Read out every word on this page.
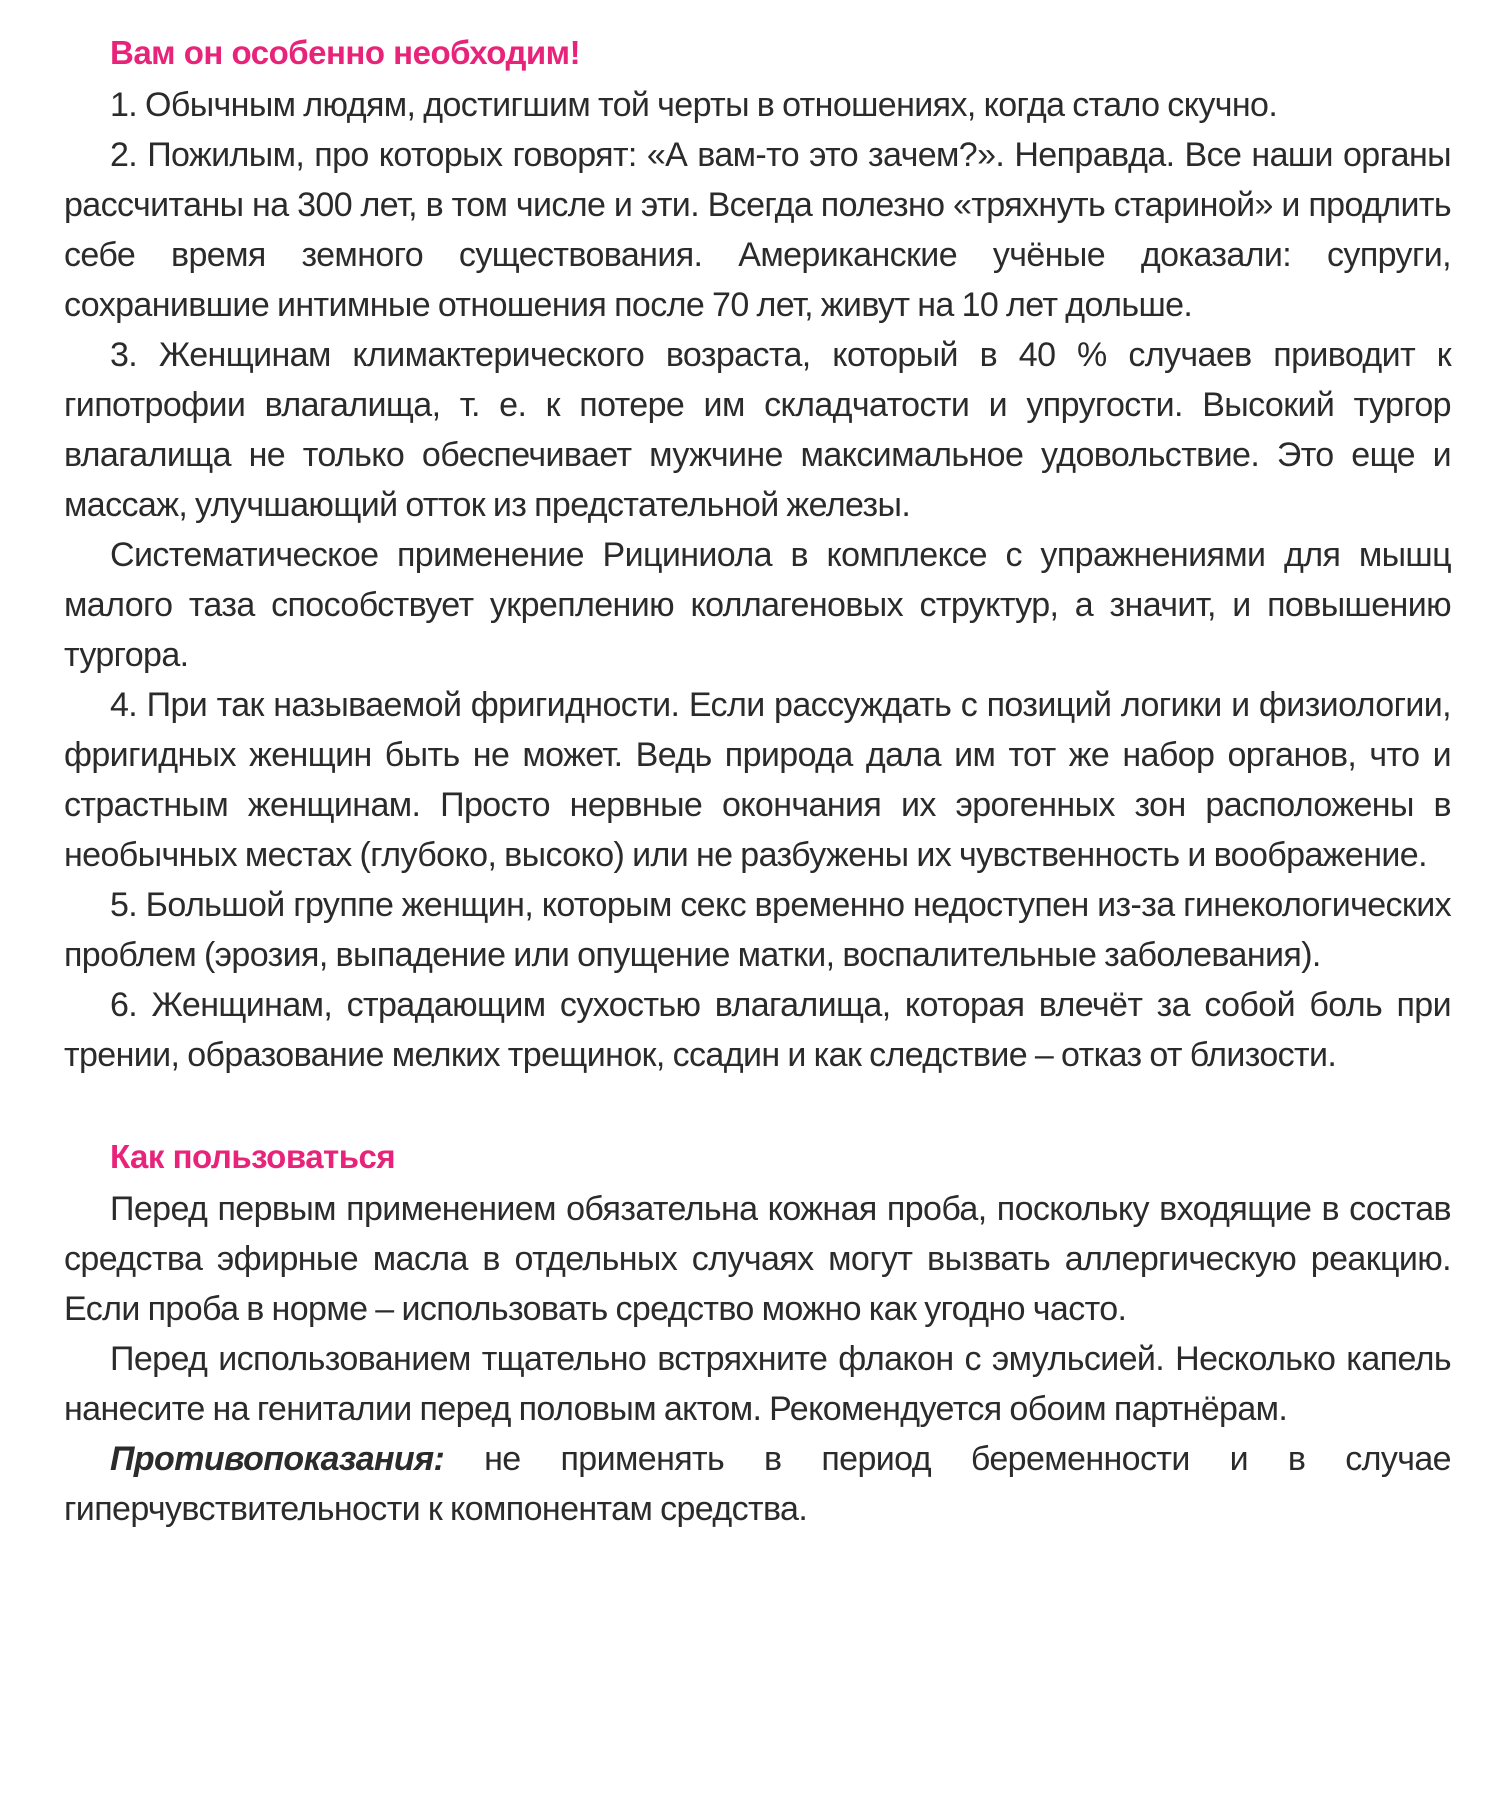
Вам он особенно необходим!

1. Обычным людям, достигшим той черты в отношениях, когда стало скучно.

2. Пожилым, про которых говорят: «А вам-то это зачем?». Неправда. Все наши органы рассчитаны на 300 лет, в том числе и эти. Всегда полезно «тряхнуть стариной» и продлить себе время земного существования. Американские учёные доказали: супруги, сохранившие интимные отношения после 70 лет, живут на 10 лет дольше.

3. Женщинам климактерического возраста, который в 40 % случаев приводит к гипотрофии влагалища, т. е. к потере им складчатости и упругости. Высокий тургор влагалища не только обеспечивает мужчине максимальное удовольствие. Это еще и массаж, улучшающий отток из предстательной железы.

Систематическое применение Рициниола в комплексе с упражнениями для мышц малого таза способствует укреплению коллагеновых структур, а значит, и повышению тургора.

4. При так называемой фригидности. Если рассуждать с позиций логики и физиологии, фригидных женщин быть не может. Ведь природа дала им тот же набор органов, что и страстным женщинам. Просто нервные окончания их эрогенных зон расположены в необычных местах (глубоко, высоко) или не разбужены их чувственность и воображение.

5. Большой группе женщин, которым секс временно недоступен из-за гинекологических проблем (эрозия, выпадение или опущение матки, воспалительные заболевания).

6. Женщинам, страдающим сухостью влагалища, которая влечёт за собой боль при трении, образование мелких трещинок, ссадин и как следствие – отказ от близости.

Как пользоваться

Перед первым применением обязательна кожная проба, поскольку входящие в состав средства эфирные масла в отдельных случаях могут вызвать аллергическую реакцию. Если проба в норме – использовать средство можно как угодно часто.

Перед использованием тщательно встряхните флакон с эмульсией. Несколько капель нанесите на гениталии перед половым актом. Рекомендуется обоим партнёрам.

Противопоказания: не применять в период беременности и в случае гиперчувствительности к компонентам средства.
